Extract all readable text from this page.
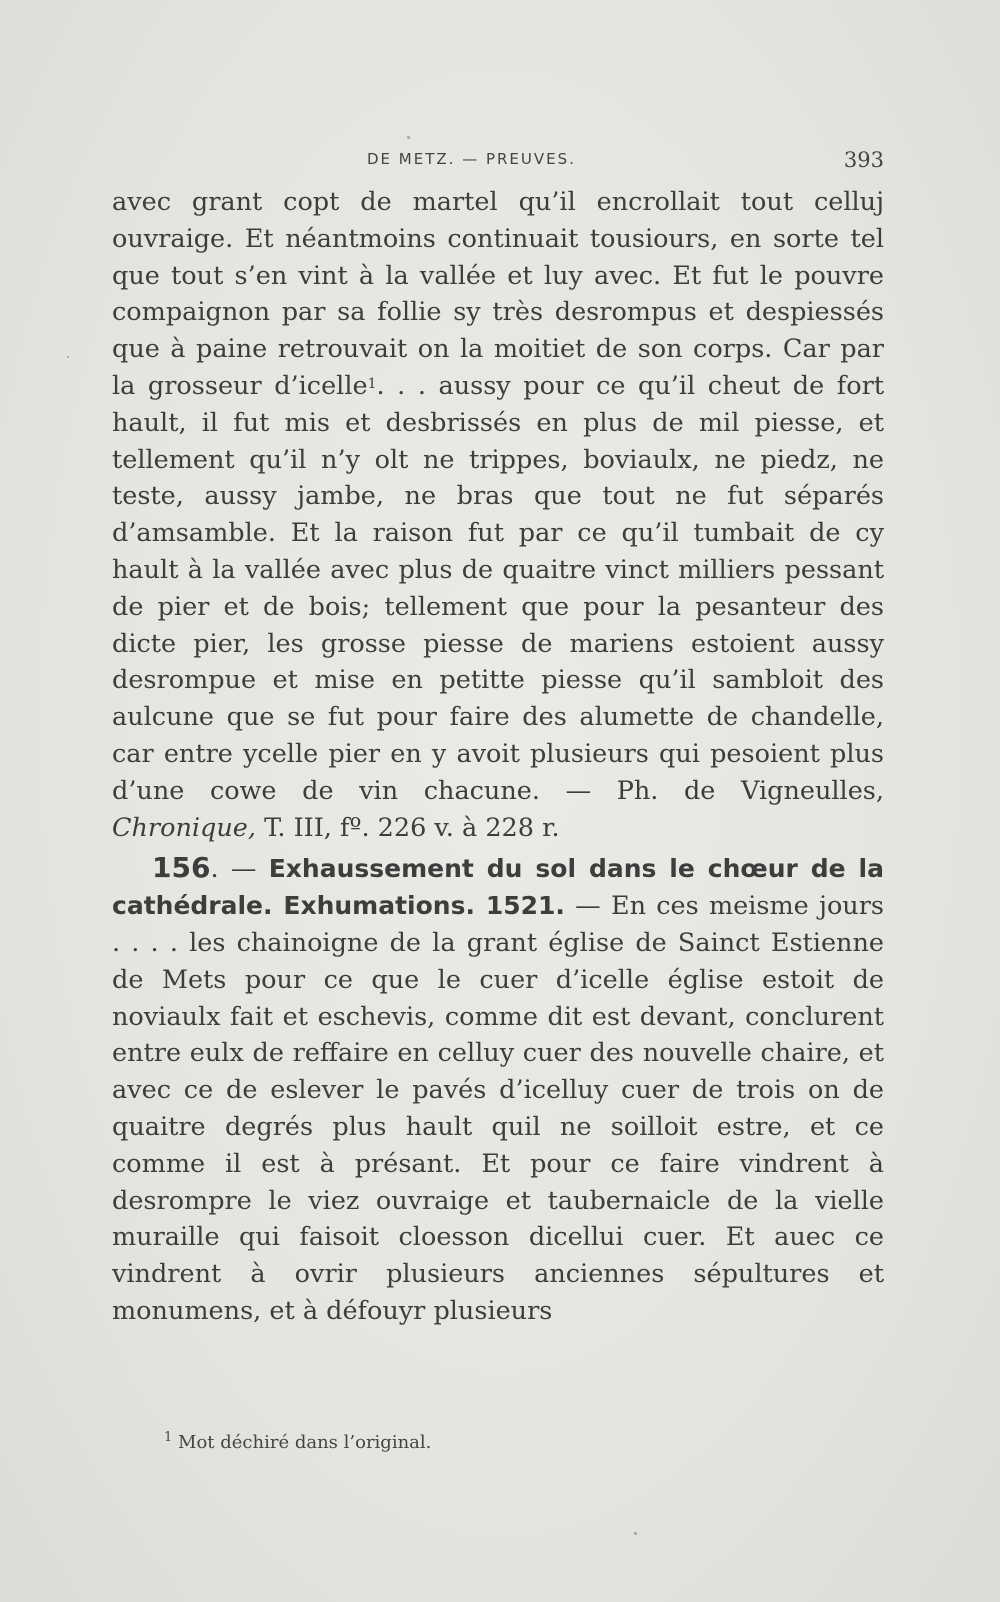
DE METZ. — PREUVES.	393

avec grant copt de martel qu’il encrollait tout celluj ouvraige. Et néantmoins continuait tousiours, en sorte tel que tout s’en vint à la vallée et luy avec. Et fut le pouvre compaignon par sa follie sy très desrompus et despiessés que à paine retrouvait on la moitiet de son corps. Car par la grosseur d’icelle$^1$. . . aussy pour ce qu’il cheut de fort hault, il fut mis et desbrissés en plus de mil piesse, et tellement qu’il n’y olt ne trippes, boviaulx, ne piedz, ne teste, aussy jambe, ne bras que tout ne fut séparés d’amsamble. Et la raison fut par ce qu’il tumbait de cy hault à la vallée avec plus de quaitre vinct milliers pessant de pier et de bois; tellement que pour la pesanteur des dicte pier, les grosse piesse de mariens estoient aussy desrompue et mise en petitte piesse qu’il sambloit des aulcune que se fut pour faire des alumette de chandelle, car entre ycelle pier en y avoit plusieurs qui pesoient plus d’une cowe de vin chacune. — Ph. de Vigneulles, Chronique, T. III, fº. 226 v. à 228 r.

156. — Exhaussement du sol dans le chœur de la cathédrale. Exhumations. 1521. — En ces meisme jours . . . . les chainoigne de la grant église de Sainct Estienne de Mets pour ce que le cuer d’icelle église estoit de noviaulx fait et eschevis, comme dit est devant, conclurent entre eulx de reffaire en celluy cuer des nouvelle chaire, et avec ce de eslever le pavés d’icelluy cuer de trois on de quaitre degrés plus hault quil ne soilloit estre, et ce comme il est à présant. Et pour ce faire vindrent à desrompre le viez ouvraige et taubernaicle de la vielle muraille qui faisoit cloesson dicellui cuer. Et auec ce vindrent à ovrir plusieurs anciennes sépultures et monumens, et à défouyr plusieurs

$^1$ Mot déchiré dans l’original.
